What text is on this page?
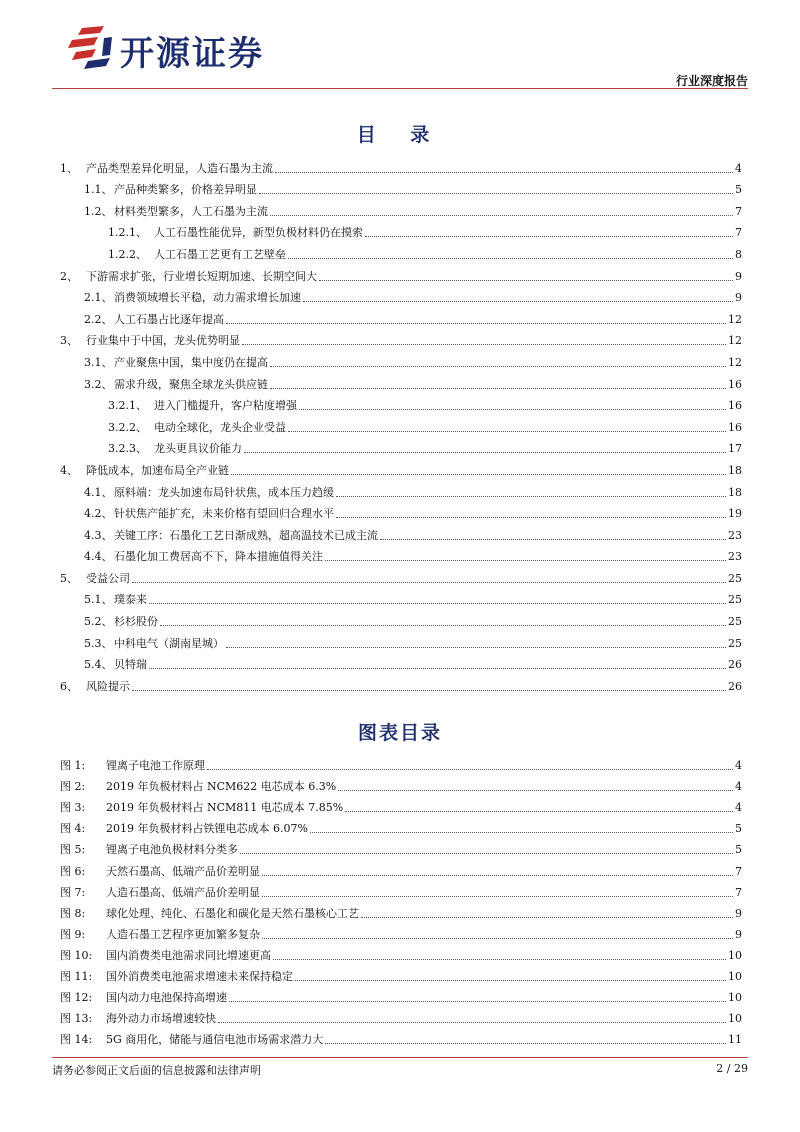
开源证券
行业深度报告
目 录
1、 产品类型差异化明显，人造石墨为主流	4
1.1、 产品种类繁多，价格差异明显	5
1.2、 材料类型繁多，人工石墨为主流	7
1.2.1、 人工石墨性能优异，新型负极材料仍在摸索	7
1.2.2、 人工石墨工艺更有工艺壁垒	8
2、 下游需求扩张，行业增长短期加速、长期空间大	9
2.1、 消费领域增长平稳，动力需求增长加速	9
2.2、 人工石墨占比逐年提高	12
3、 行业集中于中国，龙头优势明显	12
3.1、 产业聚焦中国，集中度仍在提高	12
3.2、 需求升级，聚焦全球龙头供应链	16
3.2.1、 进入门槛提升，客户粘度增强	16
3.2.2、 电动全球化，龙头企业受益	16
3.2.3、 龙头更具议价能力	17
4、 降低成本，加速布局全产业链	18
4.1、 原料端：龙头加速布局针状焦，成本压力趋缓	18
4.2、 针状焦产能扩充，未来价格有望回归合理水平	19
4.3、 关键工序：石墨化工艺日渐成熟，超高温技术已成主流	23
4.4、 石墨化加工费居高不下，降本措施值得关注	23
5、 受益公司	25
5.1、 璞泰来	25
5.2、 杉杉股份	25
5.3、 中科电气（湖南星城）	25
5.4、 贝特瑞	26
6、 风险提示	26
图表目录
图 1:	锂离子电池工作原理	4
图 2:	2019 年负极材料占 NCM622 电芯成本 6.3%	4
图 3:	2019 年负极材料占 NCM811 电芯成本 7.85%	4
图 4:	2019 年负极材料占铁锂电芯成本 6.07%	5
图 5:	锂离子电池负极材料分类多	5
图 6:	天然石墨高、低端产品价差明显	7
图 7:	人造石墨高、低端产品价差明显	7
图 8:	球化处理、纯化、石墨化和碳化是天然石墨核心工艺	9
图 9:	人造石墨工艺程序更加繁多复杂	9
图 10:	国内消费类电池需求同比增速更高	10
图 11:	国外消费类电池需求增速未来保持稳定	10
图 12:	国内动力电池保持高增速	10
图 13:	海外动力市场增速较快	10
图 14:	5G 商用化，储能与通信电池市场需求潜力大	11
请务必参阅正文后面的信息披露和法律声明	2 / 29
